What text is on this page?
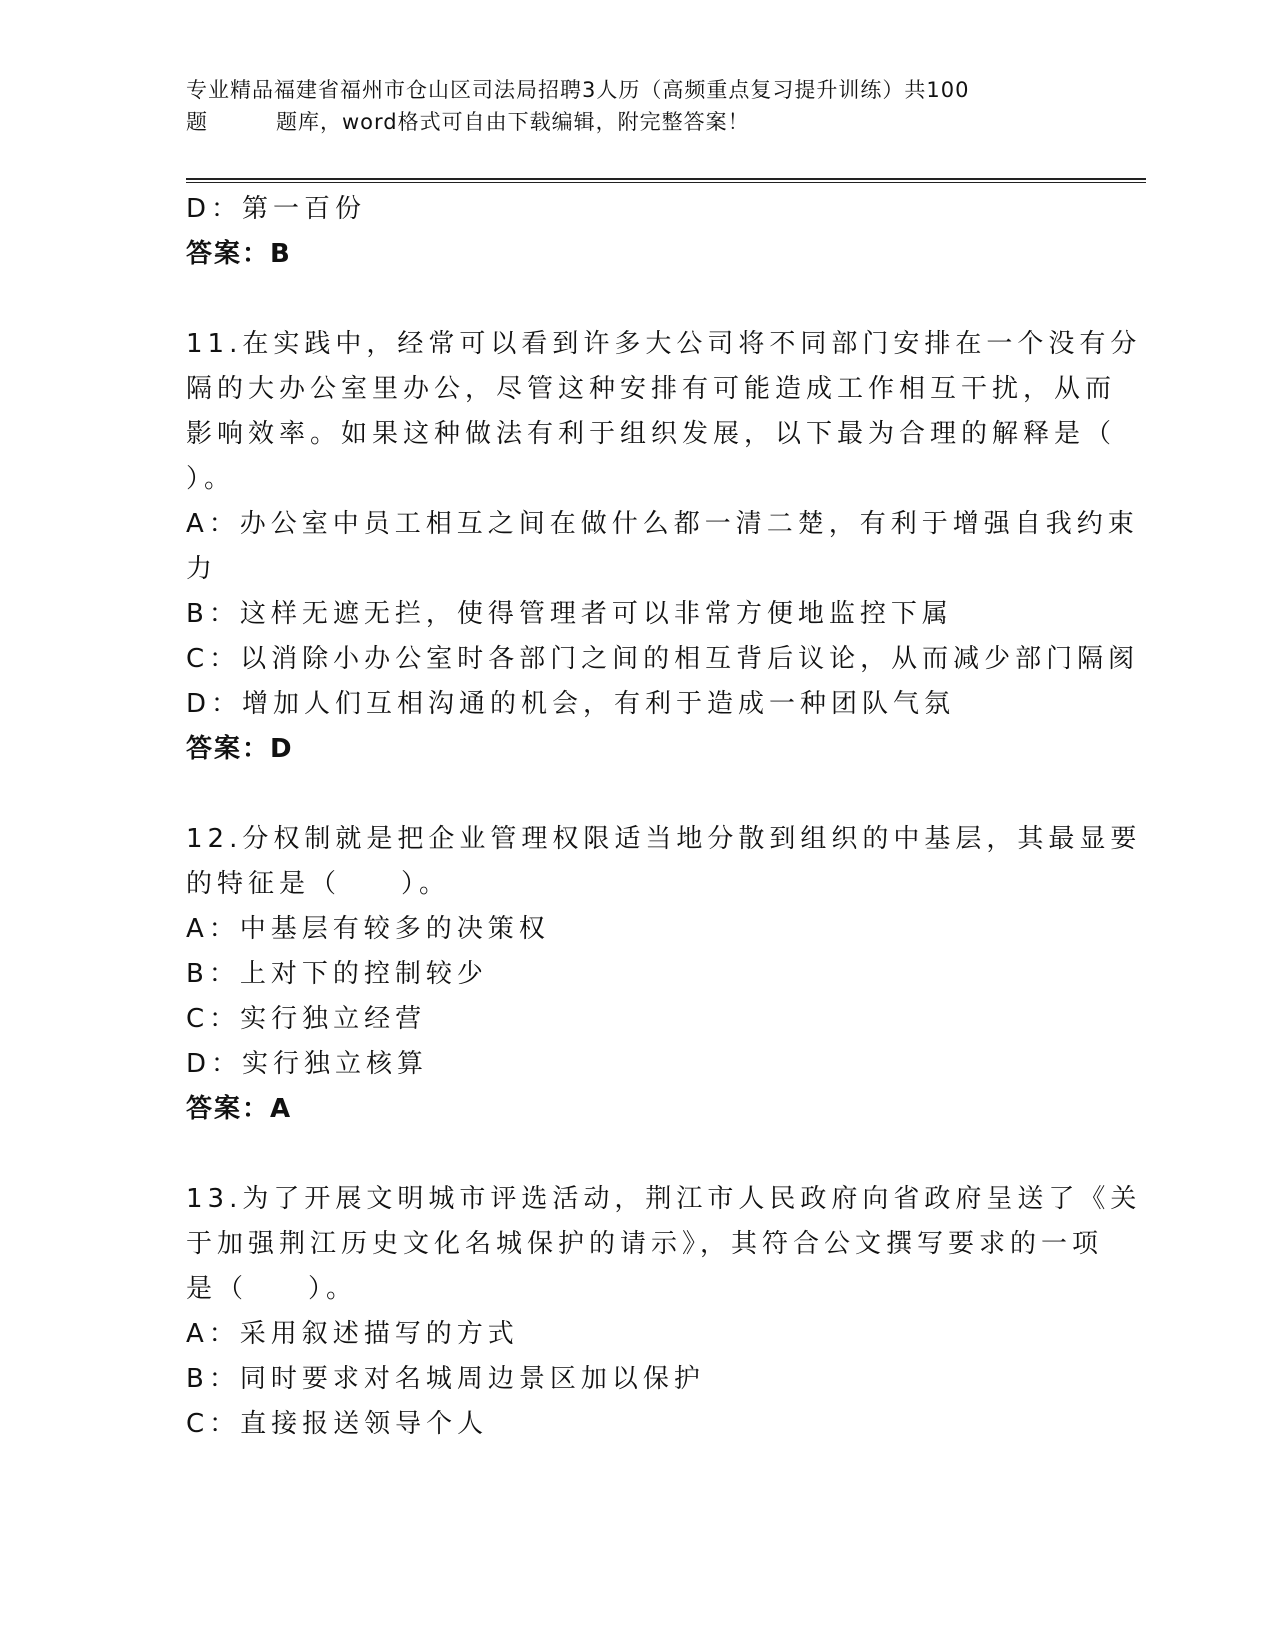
专业精品福建省福州市仓山区司法局招聘3人历（高频重点复习提升训练）共100
题	题库，word格式可自由下载编辑，附完整答案！
D：第一百份
答案：B
11.在实践中，经常可以看到许多大公司将不同部门安排在一个没有分
隔的大办公室里办公，尽管这种安排有可能造成工作相互干扰，从而
影响效率。如果这种做法有利于组织发展，以下最为合理的解释是（
）。
A：办公室中员工相互之间在做什么都一清二楚，有利于增强自我约束
力
B：这样无遮无拦，使得管理者可以非常方便地监控下属
C：以消除小办公室时各部门之间的相互背后议论，从而减少部门隔阂
D：增加人们互相沟通的机会，有利于造成一种团队气氛
答案：D
12.分权制就是把企业管理权限适当地分散到组织的中基层，其最显要
的特征是（ ）。
A：中基层有较多的决策权
B：上对下的控制较少
C：实行独立经营
D：实行独立核算
答案：A
13.为了开展文明城市评选活动，荆江市人民政府向省政府呈送了《关
于加强荆江历史文化名城保护的请示》，其符合公文撰写要求的一项
是（ ）。
A：采用叙述描写的方式
B：同时要求对名城周边景区加以保护
C：直接报送领导个人
